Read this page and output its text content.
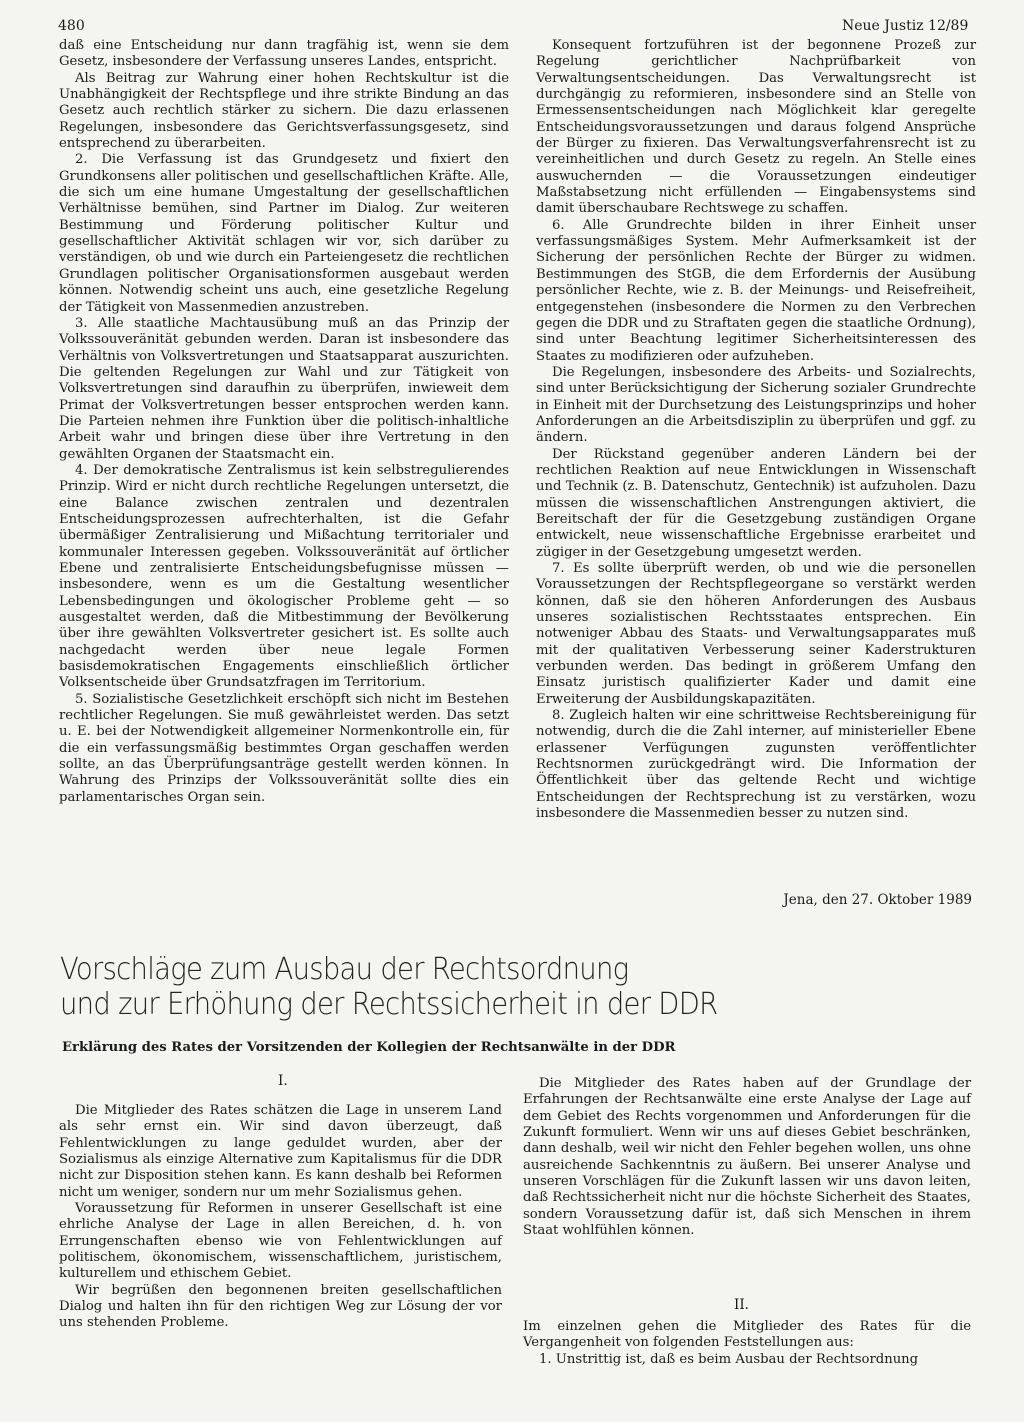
480	Neue Justiz 12/89

daß eine Entscheidung nur dann tragfähig ist, wenn sie dem Gesetz, insbesondere der Verfassung unseres Landes, entspricht.

Als Beitrag zur Wahrung einer hohen Rechtskultur ist die Unabhängigkeit der Rechtspflege und ihre strikte Bindung an das Gesetz auch rechtlich stärker zu sichern. Die dazu erlassenen Regelungen, insbesondere das Gerichtsverfassungsgesetz, sind entsprechend zu überarbeiten.

2. Die Verfassung ist das Grundgesetz und fixiert den Grundkonsens aller politischen und gesellschaftlichen Kräfte. Alle, die sich um eine humane Umgestaltung der gesellschaftlichen Verhältnisse bemühen, sind Partner im Dialog. Zur weiteren Bestimmung und Förderung politischer Kultur und gesellschaftlicher Aktivität schlagen wir vor, sich darüber zu verständigen, ob und wie durch ein Parteiengesetz die rechtlichen Grundlagen politischer Organisationsformen ausgebaut werden können. Notwendig scheint uns auch, eine gesetzliche Regelung der Tätigkeit von Massenmedien anzustreben.

3. Alle staatliche Machtausübung muß an das Prinzip der Volkssouveränität gebunden werden. Daran ist insbesondere das Verhältnis von Volksvertretungen und Staatsapparat auszurichten. Die geltenden Regelungen zur Wahl und zur Tätigkeit von Volksvertretungen sind daraufhin zu überprüfen, inwieweit dem Primat der Volksvertretungen besser entsprochen werden kann. Die Parteien nehmen ihre Funktion über die politisch-inhaltliche Arbeit wahr und bringen diese über ihre Vertretung in den gewählten Organen der Staatsmacht ein.

4. Der demokratische Zentralismus ist kein selbstregulierendes Prinzip. Wird er nicht durch rechtliche Regelungen untersetzt, die eine Balance zwischen zentralen und dezentralen Entscheidungsprozessen aufrechterhalten, ist die Gefahr übermäßiger Zentralisierung und Mißachtung territorialer und kommunaler Interessen gegeben. Volkssouveränität auf örtlicher Ebene und zentralisierte Entscheidungsbefugnisse müssen — insbesondere, wenn es um die Gestaltung wesentlicher Lebensbedingungen und ökologischer Probleme geht — so ausgestaltet werden, daß die Mitbestimmung der Bevölkerung über ihre gewählten Volksvertreter gesichert ist. Es sollte auch nachgedacht werden über neue legale Formen basisdemokratischen Engagements einschließlich örtlicher Volksentscheide über Grundsatzfragen im Territorium.

5. Sozialistische Gesetzlichkeit erschöpft sich nicht im Bestehen rechtlicher Regelungen. Sie muß gewährleistet werden. Das setzt u. E. bei der Notwendigkeit allgemeiner Normenkontrolle ein, für die ein verfassungsmäßig bestimmtes Organ geschaffen werden sollte, an das Überprüfungsanträge gestellt werden können. In Wahrung des Prinzips der Volkssouveränität sollte dies ein parlamentarisches Organ sein.

Konsequent fortzuführen ist der begonnene Prozeß zur Regelung gerichtlicher Nachprüfbarkeit von Verwaltungsentscheidungen. Das Verwaltungsrecht ist durchgängig zu reformieren, insbesondere sind an Stelle von Ermessensentscheidungen nach Möglichkeit klar geregelte Entscheidungsvoraussetzungen und daraus folgend Ansprüche der Bürger zu fixieren. Das Verwaltungsverfahrensrecht ist zu vereinheitlichen und durch Gesetz zu regeln. An Stelle eines auswuchernden — die Voraussetzungen eindeutiger Maßstabsetzung nicht erfüllenden — Eingabensystems sind damit überschaubare Rechtswege zu schaffen.

6. Alle Grundrechte bilden in ihrer Einheit unser verfassungsmäßiges System. Mehr Aufmerksamkeit ist der Sicherung der persönlichen Rechte der Bürger zu widmen. Bestimmungen des StGB, die dem Erfordernis der Ausübung persönlicher Rechte, wie z. B. der Meinungs- und Reisefreiheit, entgegenstehen (insbesondere die Normen zu den Verbrechen gegen die DDR und zu Straftaten gegen die staatliche Ordnung), sind unter Beachtung legitimer Sicherheitsinteressen des Staates zu modifizieren oder aufzuheben.

Die Regelungen, insbesondere des Arbeits- und Sozialrechts, sind unter Berücksichtigung der Sicherung sozialer Grundrechte in Einheit mit der Durchsetzung des Leistungsprinzips und hoher Anforderungen an die Arbeitsdisziplin zu überprüfen und ggf. zu ändern.

Der Rückstand gegenüber anderen Ländern bei der rechtlichen Reaktion auf neue Entwicklungen in Wissenschaft und Technik (z. B. Datenschutz, Gentechnik) ist aufzuholen. Dazu müssen die wissenschaftlichen Anstrengungen aktiviert, die Bereitschaft der für die Gesetzgebung zuständigen Organe entwickelt, neue wissenschaftliche Ergebnisse erarbeitet und zügiger in der Gesetzgebung umgesetzt werden.

7. Es sollte überprüft werden, ob und wie die personellen Voraussetzungen der Rechtspflegeorgane so verstärkt werden können, daß sie den höheren Anforderungen des Ausbaus unseres sozialistischen Rechtsstaates entsprechen. Ein notweniger Abbau des Staats- und Verwaltungsapparates muß mit der qualitativen Verbesserung seiner Kaderstrukturen verbunden werden. Das bedingt in größerem Umfang den Einsatz juristisch qualifizierter Kader und damit eine Erweiterung der Ausbildungskapazitäten.

8. Zugleich halten wir eine schrittweise Rechtsbereinigung für notwendig, durch die die Zahl interner, auf ministerieller Ebene erlassener Verfügungen zugunsten veröffentlichter Rechtsnormen zurückgedrängt wird. Die Information der Öffentlichkeit über das geltende Recht und wichtige Entscheidungen der Rechtsprechung ist zu verstärken, wozu insbesondere die Massenmedien besser zu nutzen sind.

Jena, den 27. Oktober 1989
Vorschläge zum Ausbau der Rechtsordnung
und zur Erhöhung der Rechtssicherheit in der DDR
Erklärung des Rates der Vorsitzenden der Kollegien der Rechtsanwälte in der DDR
I.

Die Mitglieder des Rates schätzen die Lage in unserem Land als sehr ernst ein. Wir sind davon überzeugt, daß Fehlentwicklungen zu lange geduldet wurden, aber der Sozialismus als einzige Alternative zum Kapitalismus für die DDR nicht zur Disposition stehen kann. Es kann deshalb bei Reformen nicht um weniger, sondern nur um mehr Sozialismus gehen.

Voraussetzung für Reformen in unserer Gesellschaft ist eine ehrliche Analyse der Lage in allen Bereichen, d. h. von Errungenschaften ebenso wie von Fehlentwicklungen auf politischem, ökonomischem, wissenschaftlichem, juristischem, kulturellem und ethischem Gebiet.

Wir begrüßen den begonnenen breiten gesellschaftlichen Dialog und halten ihn für den richtigen Weg zur Lösung der vor uns stehenden Probleme.

Die Mitglieder des Rates haben auf der Grundlage der Erfahrungen der Rechtsanwälte eine erste Analyse der Lage auf dem Gebiet des Rechts vorgenommen und Anforderungen für die Zukunft formuliert. Wenn wir uns auf dieses Gebiet beschränken, dann deshalb, weil wir nicht den Fehler begehen wollen, uns ohne ausreichende Sachkenntnis zu äußern. Bei unserer Analyse und unseren Vorschlägen für die Zukunft lassen wir uns davon leiten, daß Rechtssicherheit nicht nur die höchste Sicherheit des Staates, sondern Voraussetzung dafür ist, daß sich Menschen in ihrem Staat wohlfühlen können.

II.

Im einzelnen gehen die Mitglieder des Rates für die Vergangenheit von folgenden Feststellungen aus:

1. Unstrittig ist, daß es beim Ausbau der Rechtsordnung
